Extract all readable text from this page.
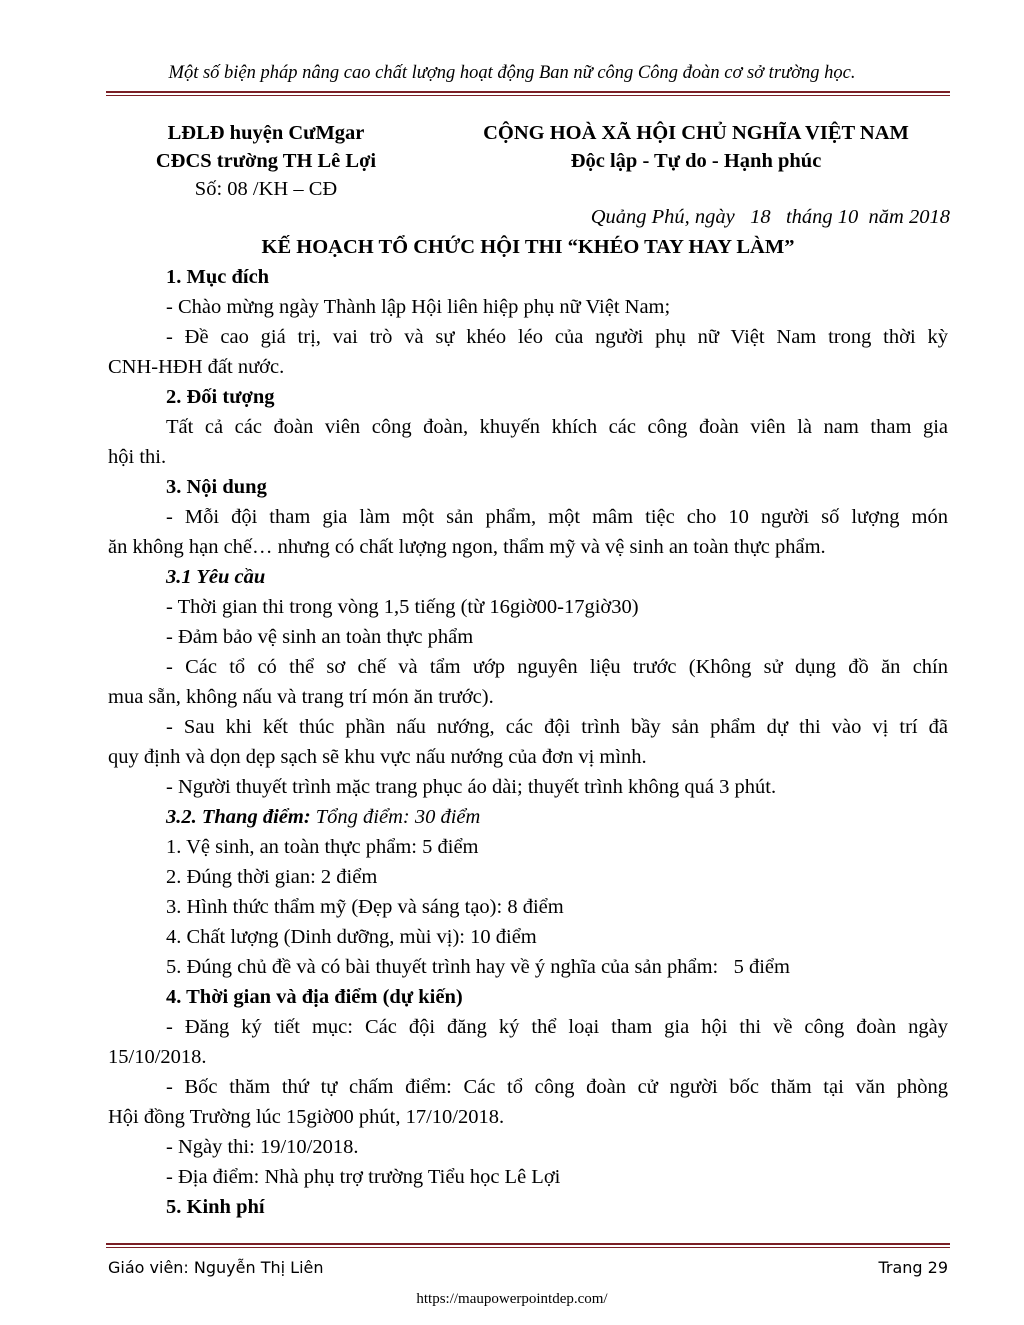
Một số biện pháp nâng cao chất lượng hoạt động Ban nữ công Công đoàn cơ sở trường học.
LĐLĐ huyện CưMgar
CĐCS trường TH Lê Lợi
Số: 08 /KH – CĐ
CỘNG HOÀ XÃ HỘI CHỦ NGHĨA VIỆT NAM
Độc lập - Tự do - Hạnh phúc
Quảng Phú, ngày   18   tháng 10  năm 2018
KẾ HOẠCH TỔ CHỨC HỘI THI “KHÉO TAY HAY LÀM”
1. Mục đích
- Chào mừng ngày Thành lập Hội liên hiệp phụ nữ Việt Nam;
- Đề cao giá trị, vai trò và sự khéo léo của người phụ nữ Việt Nam trong thời kỳ
CNH-HĐH đất nước.
2. Đối tượng
Tất cả các đoàn viên công đoàn, khuyến khích các công đoàn viên là nam tham gia
hội thi.
3. Nội dung
- Mỗi đội tham gia làm một sản phẩm, một mâm tiệc cho 10 người số lượng món
ăn không hạn chế… nhưng có chất lượng ngon, thẩm mỹ và vệ sinh an toàn thực phẩm.
3.1 Yêu cầu
- Thời gian thi trong vòng 1,5 tiếng (từ 16giờ00-17giờ30)
- Đảm bảo vệ sinh an toàn thực phẩm
- Các tổ có thể sơ chế và tẩm ướp nguyên liệu trước (Không sử dụng đồ ăn chín
mua sẵn, không nấu và trang trí món ăn trước).
- Sau khi kết thúc phần nấu nướng, các đội trình bầy sản phẩm dự thi vào vị trí đã
quy định và dọn dẹp sạch sẽ khu vực nấu nướng của đơn vị mình.
- Người thuyết trình mặc trang phục áo dài; thuyết trình không quá 3 phút.
3.2. Thang điểm: Tổng điểm: 30 điểm
1. Vệ sinh, an toàn thực phẩm: 5 điểm
2. Đúng thời gian: 2 điểm
3. Hình thức thẩm mỹ (Đẹp và sáng tạo): 8 điểm
4. Chất lượng (Dinh dưỡng, mùi vị): 10 điểm
5. Đúng chủ đề và có bài thuyết trình hay về ý nghĩa của sản phẩm:   5 điểm
4. Thời gian và địa điểm (dự kiến)
- Đăng ký tiết mục: Các đội đăng ký thể loại tham gia hội thi về công đoàn ngày
15/10/2018.
- Bốc thăm thứ tự chấm điểm: Các tổ công đoàn cử người bốc thăm tại văn phòng
Hội đồng Trường lúc 15giờ00 phút, 17/10/2018.
- Ngày thi: 19/10/2018.
- Địa điểm: Nhà phụ trợ trường Tiểu học Lê Lợi
5. Kinh phí
Giáo viên: Nguyễn Thị Liên	Trang 29
https://maupowerpointdep.com/
